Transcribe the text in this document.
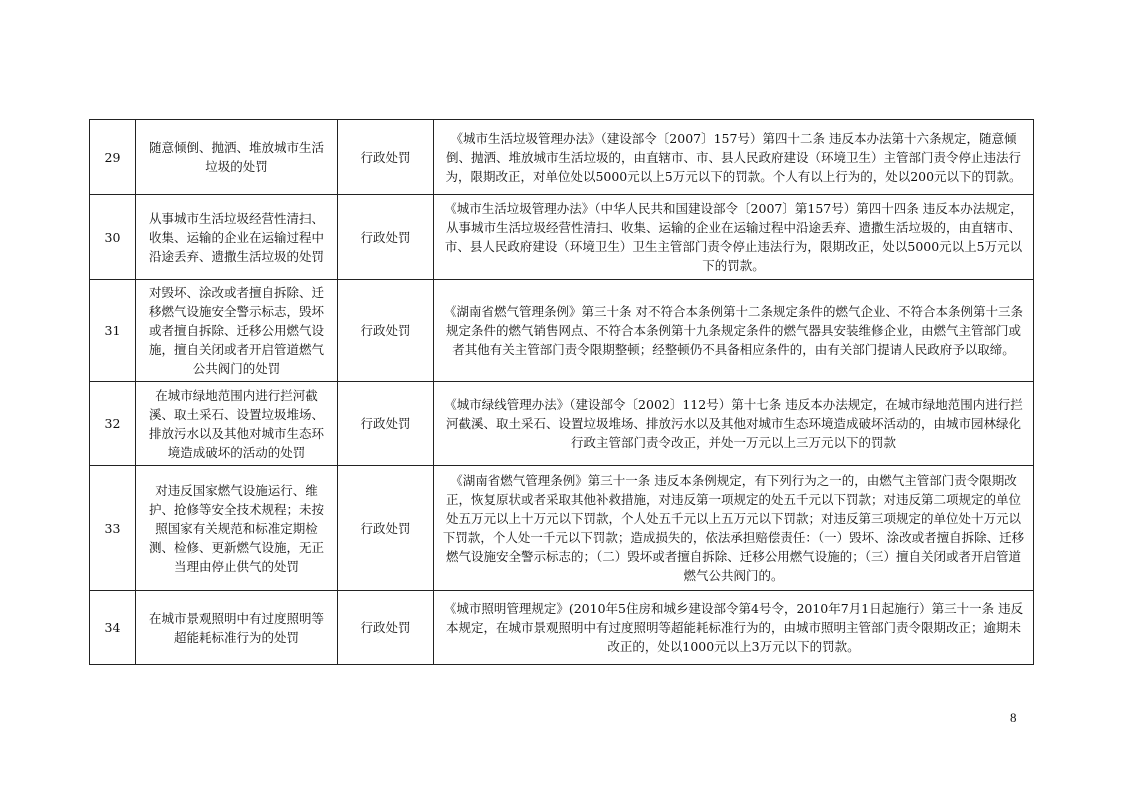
29	随意倾倒、抛洒、堆放城市生活垃圾的处罚	行政处罚	《城市生活垃圾管理办法》（建设部令〔2007〕157号）第四十二条 违反本办法第十六条规定，随意倾倒、抛洒、堆放城市生活垃圾的，由直辖市、市、县人民政府建设（环境卫生）主管部门责令停止违法行为，限期改正，对单位处以5000元以上5万元以下的罚款。个人有以上行为的，处以200元以下的罚款。
30	从事城市生活垃圾经营性清扫、收集、运输的企业在运输过程中沿途丢弃、遗撒生活垃圾的处罚	行政处罚	《城市生活垃圾管理办法》（中华人民共和国建设部令〔2007〕第157号）第四十四条 违反本办法规定，从事城市生活垃圾经营性清扫、收集、运输的企业在运输过程中沿途丢弃、遗撒生活垃圾的，由直辖市、市、县人民政府建设（环境卫生）卫生主管部门责令停止违法行为，限期改正，处以5000元以上5万元以下的罚款。
31	对毁坏、涂改或者擅自拆除、迁移燃气设施安全警示标志，毁坏或者擅自拆除、迁移公用燃气设施，擅自关闭或者开启管道燃气公共阀门的处罚	行政处罚	《湖南省燃气管理条例》第三十条 对不符合本条例第十二条规定条件的燃气企业、不符合本条例第十三条规定条件的燃气销售网点、不符合本条例第十九条规定条件的燃气器具安装维修企业，由燃气主管部门或者其他有关主管部门责令限期整顿；经整顿仍不具备相应条件的，由有关部门提请人民政府予以取缔。
32	在城市绿地范围内进行拦河截溪、取土采石、设置垃圾堆场、排放污水以及其他对城市生态环境造成破坏的活动的处罚	行政处罚	《城市绿线管理办法》（建设部令〔2002〕112号）第十七条 违反本办法规定，在城市绿地范围内进行拦河截溪、取土采石、设置垃圾堆场、排放污水以及其他对城市生态环境造成破坏活动的，由城市园林绿化行政主管部门责令改正，并处一万元以上三万元以下的罚款
33	对违反国家燃气设施运行、维护、抢修等安全技术规程；未按照国家有关规范和标准定期检测、检修、更新燃气设施，无正当理由停止供气的处罚	行政处罚	《湖南省燃气管理条例》第三十一条 违反本条例规定，有下列行为之一的，由燃气主管部门责令限期改正，恢复原状或者采取其他补救措施，对违反第一项规定的处五千元以下罚款；对违反第二项规定的单位处五万元以上十万元以下罚款，个人处五千元以上五万元以下罚款；对违反第三项规定的单位处十万元以下罚款，个人处一千元以下罚款；造成损失的，依法承担赔偿责任：（一）毁坏、涂改或者擅自拆除、迁移燃气设施安全警示标志的；（二）毁坏或者擅自拆除、迁移公用燃气设施的；（三）擅自关闭或者开启管道燃气公共阀门的。
34	在城市景观照明中有过度照明等超能耗标准行为的处罚	行政处罚	《城市照明管理规定》(2010年5住房和城乡建设部令第4号令，2010年7月1日起施行）第三十一条 违反本规定，在城市景观照明中有过度照明等超能耗标准行为的，由城市照明主管部门责令限期改正；逾期未改正的，处以1000元以上3万元以下的罚款。
8
